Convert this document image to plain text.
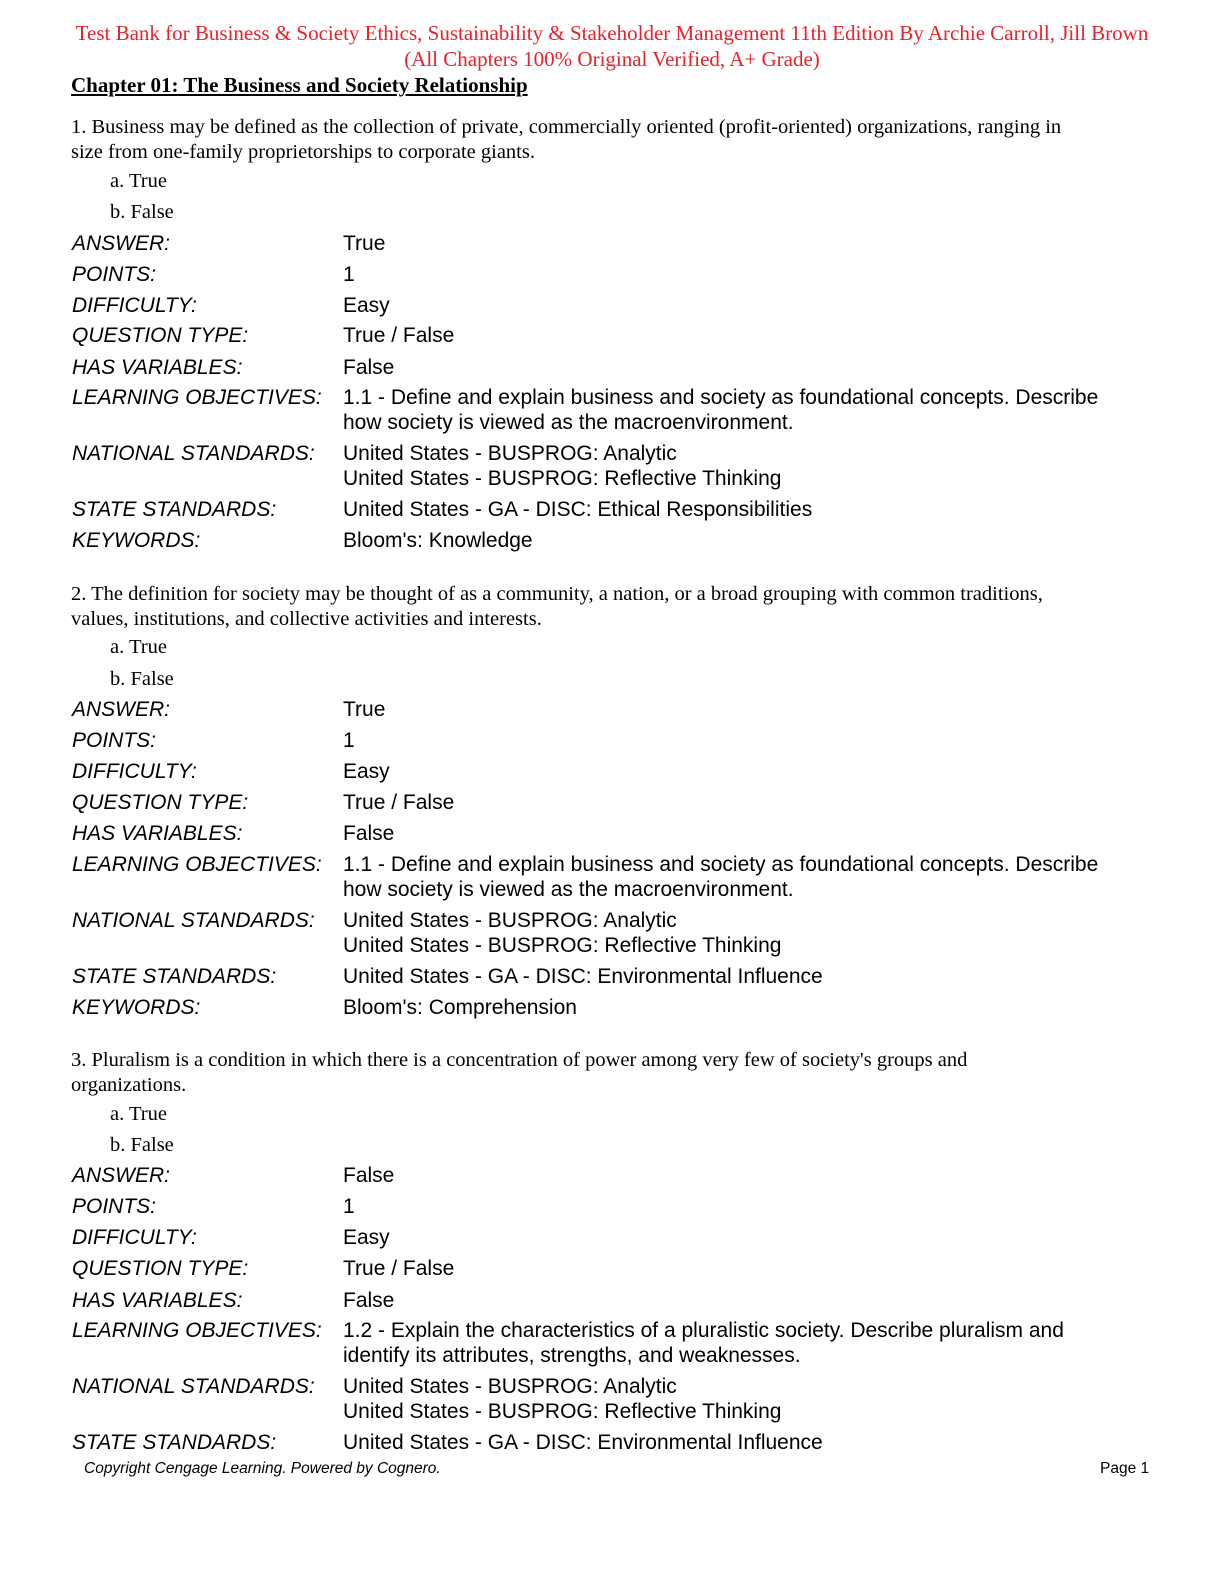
Test Bank for Business & Society Ethics, Sustainability & Stakeholder Management 11th Edition By Archie Carroll, Jill Brown
(All Chapters 100% Original Verified, A+ Grade)
Chapter 01: The Business and Society Relationship
1. Business may be defined as the collection of private, commercially oriented (profit-oriented) organizations, ranging in
size from one-family proprietorships to corporate giants.
a. True
b. False
ANSWER:	True
POINTS:	1
DIFFICULTY:	Easy
QUESTION TYPE:	True / False
HAS VARIABLES:	False
LEARNING OBJECTIVES: 1.1 - Define and explain business and society as foundational concepts. Describe
how society is viewed as the macroenvironment.
NATIONAL STANDARDS: United States - BUSPROG: Analytic
United States - BUSPROG: Reflective Thinking
STATE STANDARDS:	United States - GA - DISC: Ethical Responsibilities
KEYWORDS:	Bloom's: Knowledge
2. The definition for society may be thought of as a community, a nation, or a broad grouping with common traditions,
values, institutions, and collective activities and interests.
a. True
b. False
ANSWER:	True
POINTS:	1
DIFFICULTY:	Easy
QUESTION TYPE:	True / False
HAS VARIABLES:	False
LEARNING OBJECTIVES: 1.1 - Define and explain business and society as foundational concepts. Describe
how society is viewed as the macroenvironment.
NATIONAL STANDARDS: United States - BUSPROG: Analytic
United States - BUSPROG: Reflective Thinking
STATE STANDARDS:	United States - GA - DISC: Environmental Influence
KEYWORDS:	Bloom's: Comprehension
3. Pluralism is a condition in which there is a concentration of power among very few of society's groups and
organizations.
a. True
b. False
ANSWER:	False
POINTS:	1
DIFFICULTY:	Easy
QUESTION TYPE:	True / False
HAS VARIABLES:	False
LEARNING OBJECTIVES: 1.2 - Explain the characteristics of a pluralistic society. Describe pluralism and
identify its attributes, strengths, and weaknesses.
NATIONAL STANDARDS: United States - BUSPROG: Analytic
United States - BUSPROG: Reflective Thinking
STATE STANDARDS:	United States - GA - DISC: Environmental Influence
Copyright Cengage Learning. Powered by Cognero.	Page 1
